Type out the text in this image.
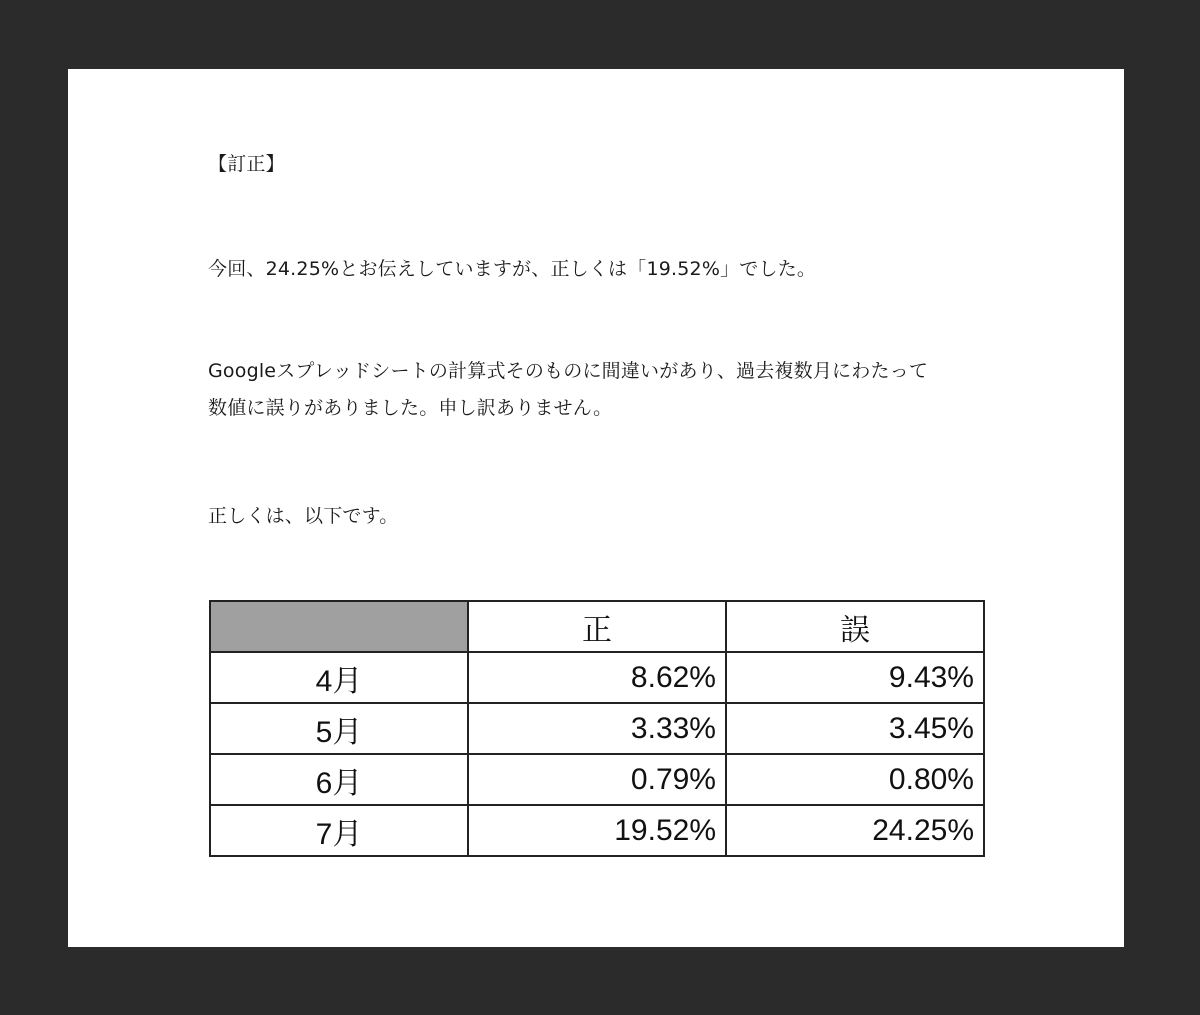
【訂正】
今回、24.25%とお伝えしていますが、正しくは「19.52%」でした。
Googleスプレッドシートの計算式そのものに間違いがあり、過去複数月にわたって
数値に誤りがありました。申し訳ありません。
正しくは、以下です。
	正	誤
4月	8.62%	9.43%
5月	3.33%	3.45%
6月	0.79%	0.80%
7月	19.52%	24.25%
